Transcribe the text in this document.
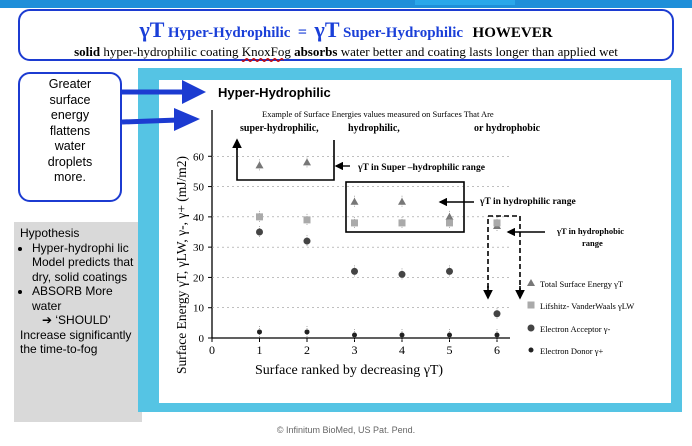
γT Hyper-Hydrophilic = γT Super-Hydrophilic HOWEVER
solid hyper-hydrophilic coating KnoxFog absorbs water better and coating lasts longer than applied wet
Greater
surface
energy
flattens
water
droplets
more.
Hypothesis
• Hyper-hydrophi lic Model predicts that dry, solid coatings
• ABSORB More water
➔ ‘SHOULD’
Increase significantly the time-to-fog
Hyper-Hydrophilic
Example of Surface Energies values measured on Surfaces That Are
super-hydrophilic,	hydrophilic,	or hydrophobic
0
10
20
30
40
50
60
0	1	2	3	4	5	6
Surface ranked by decreasing γT)
Surface Energy γT, γLW, γ-, γ+ (mJ/m2)	γT in Super –hydrophilic range
γT in hydrophilic range
γT in hydrophobic range
Total Surface Energy γT
Lifshitz- VanderWaals γLW
Electron Acceptor γ-
Electron Donor γ+
© Infinitum BioMed, US Pat. Pend.
